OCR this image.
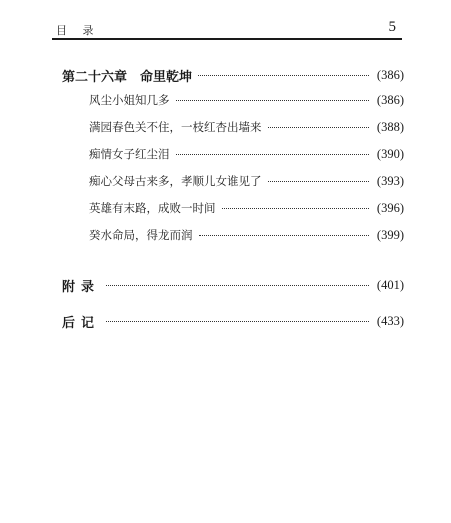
目 录	5
第二十六章　命里乾坤	(386)
风尘小姐知几多	(386)
满园春色关不住，一枝红杏出墙来	(388)
痴情女子红尘泪	(390)
痴心父母古来多，孝顺儿女谁见了	(393)
英雄有末路，成败一时间	(396)
癸水命局，得龙而润	(399)
附录	(401)
后记	(433)
